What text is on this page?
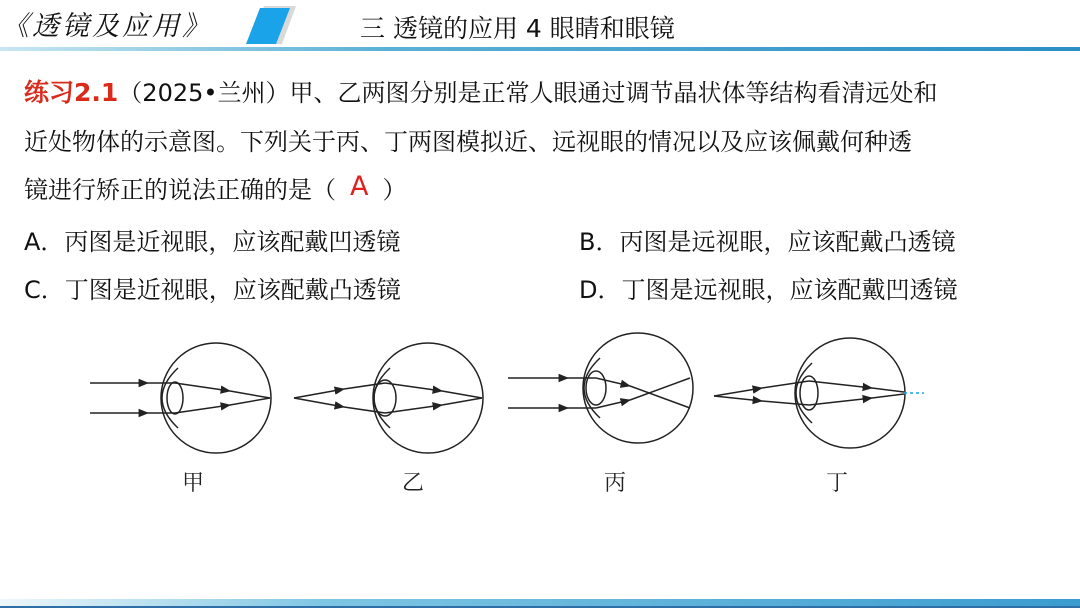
《透镜及应用》	三 透镜的应用 4 眼睛和眼镜
练习2.1（2025•兰州）甲、乙两图分别是正常人眼通过调节晶状体等结构看清远处和
近处物体的示意图。下列关于丙、丁两图模拟近、远视眼的情况以及应该佩戴何种透
镜进行矫正的说法正确的是（ A ）
A．丙图是近视眼，应该配戴凹透镜	B．丙图是远视眼，应该配戴凸透镜
C．丁图是近视眼，应该配戴凸透镜	D．丁图是远视眼，应该配戴凹透镜
甲	乙	丙	丁
